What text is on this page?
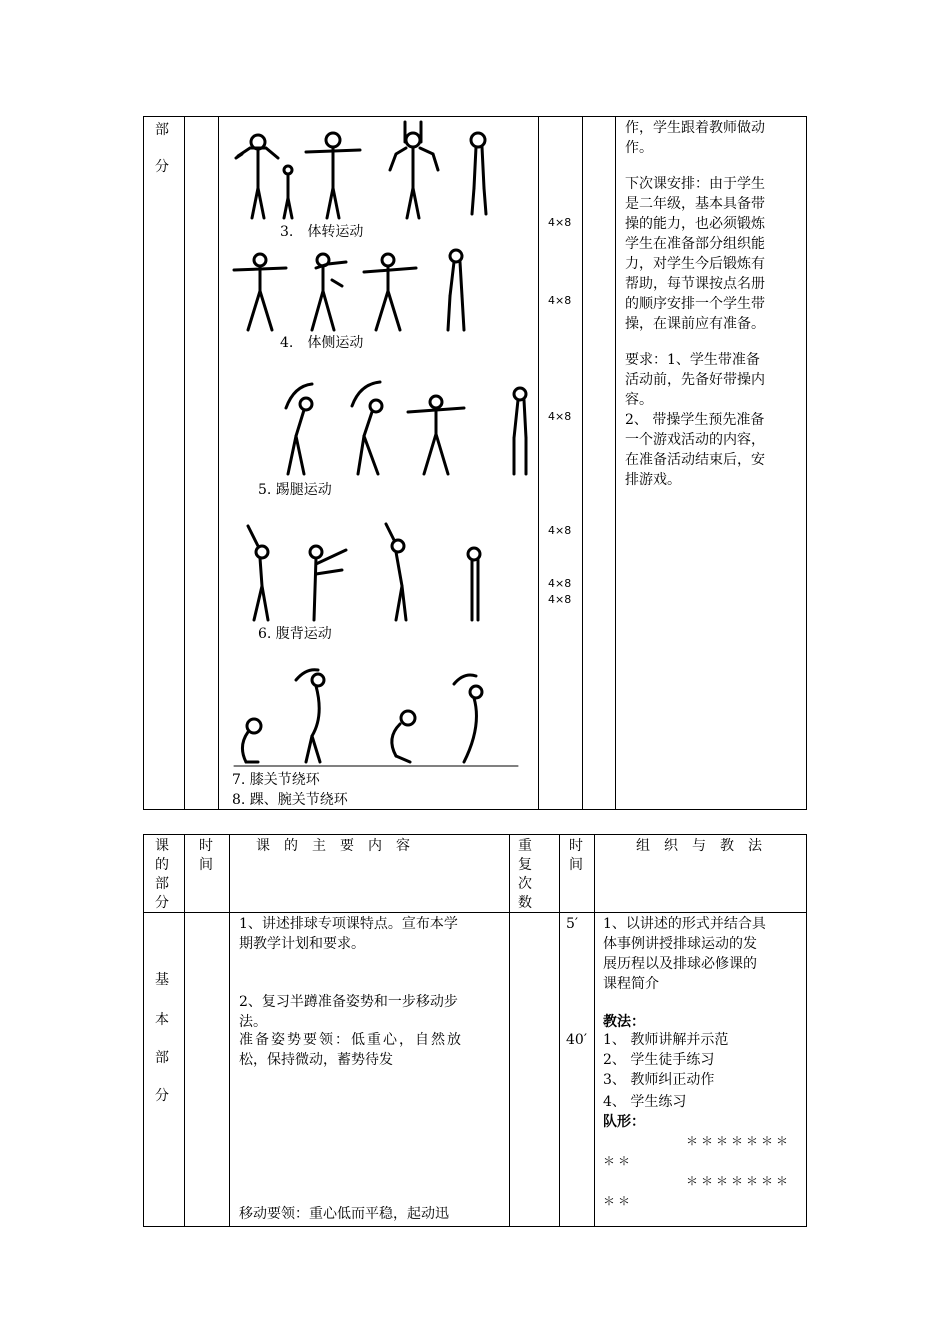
部
分
3.　体转运动
4.　体侧运动
5. 踢腿运动
6. 腹背运动
7. 膝关节绕环
8. 踝、腕关节绕环
4×8
4×8
4×8
4×8
4×8
4×8
作，学生跟着教师做动
作。
下次课安排：由于学生
是二年级，基本具备带
操的能力，也必须锻炼
学生在准备部分组织能
力，对学生今后锻炼有
帮助，每节课按点名册
的顺序安排一个学生带
操，在课前应有准备。
要求：1、学生带准备
活动前，先备好带操内
容。
2、 带操学生预先准备
一个游戏活动的内容，
在准备活动结束后，安
排游戏。
课
的
部
分
时
间
课　的　主　要　内　容	重
复
次
数
时
间
组　织　与　教　法
基
本
部
分
1、讲述排球专项课特点。宣布本学
期教学计划和要求。
2、复习半蹲准备姿势和一步移动步
法。
准备姿势要领：低重心，自然放
松，保持微动，蓄势待发
移动要领：重心低而平稳，起动迅
5′
40′
1、以讲述的形式并结合具
体事例讲授排球运动的发
展历程以及排球必修课的
课程简介
教法：
1、 教师讲解并示范
2、 学生徒手练习
3、 教师纠正动作
4、 学生练习
队形：
＊＊＊＊＊＊＊
＊＊
＊＊＊＊＊＊＊
＊＊
